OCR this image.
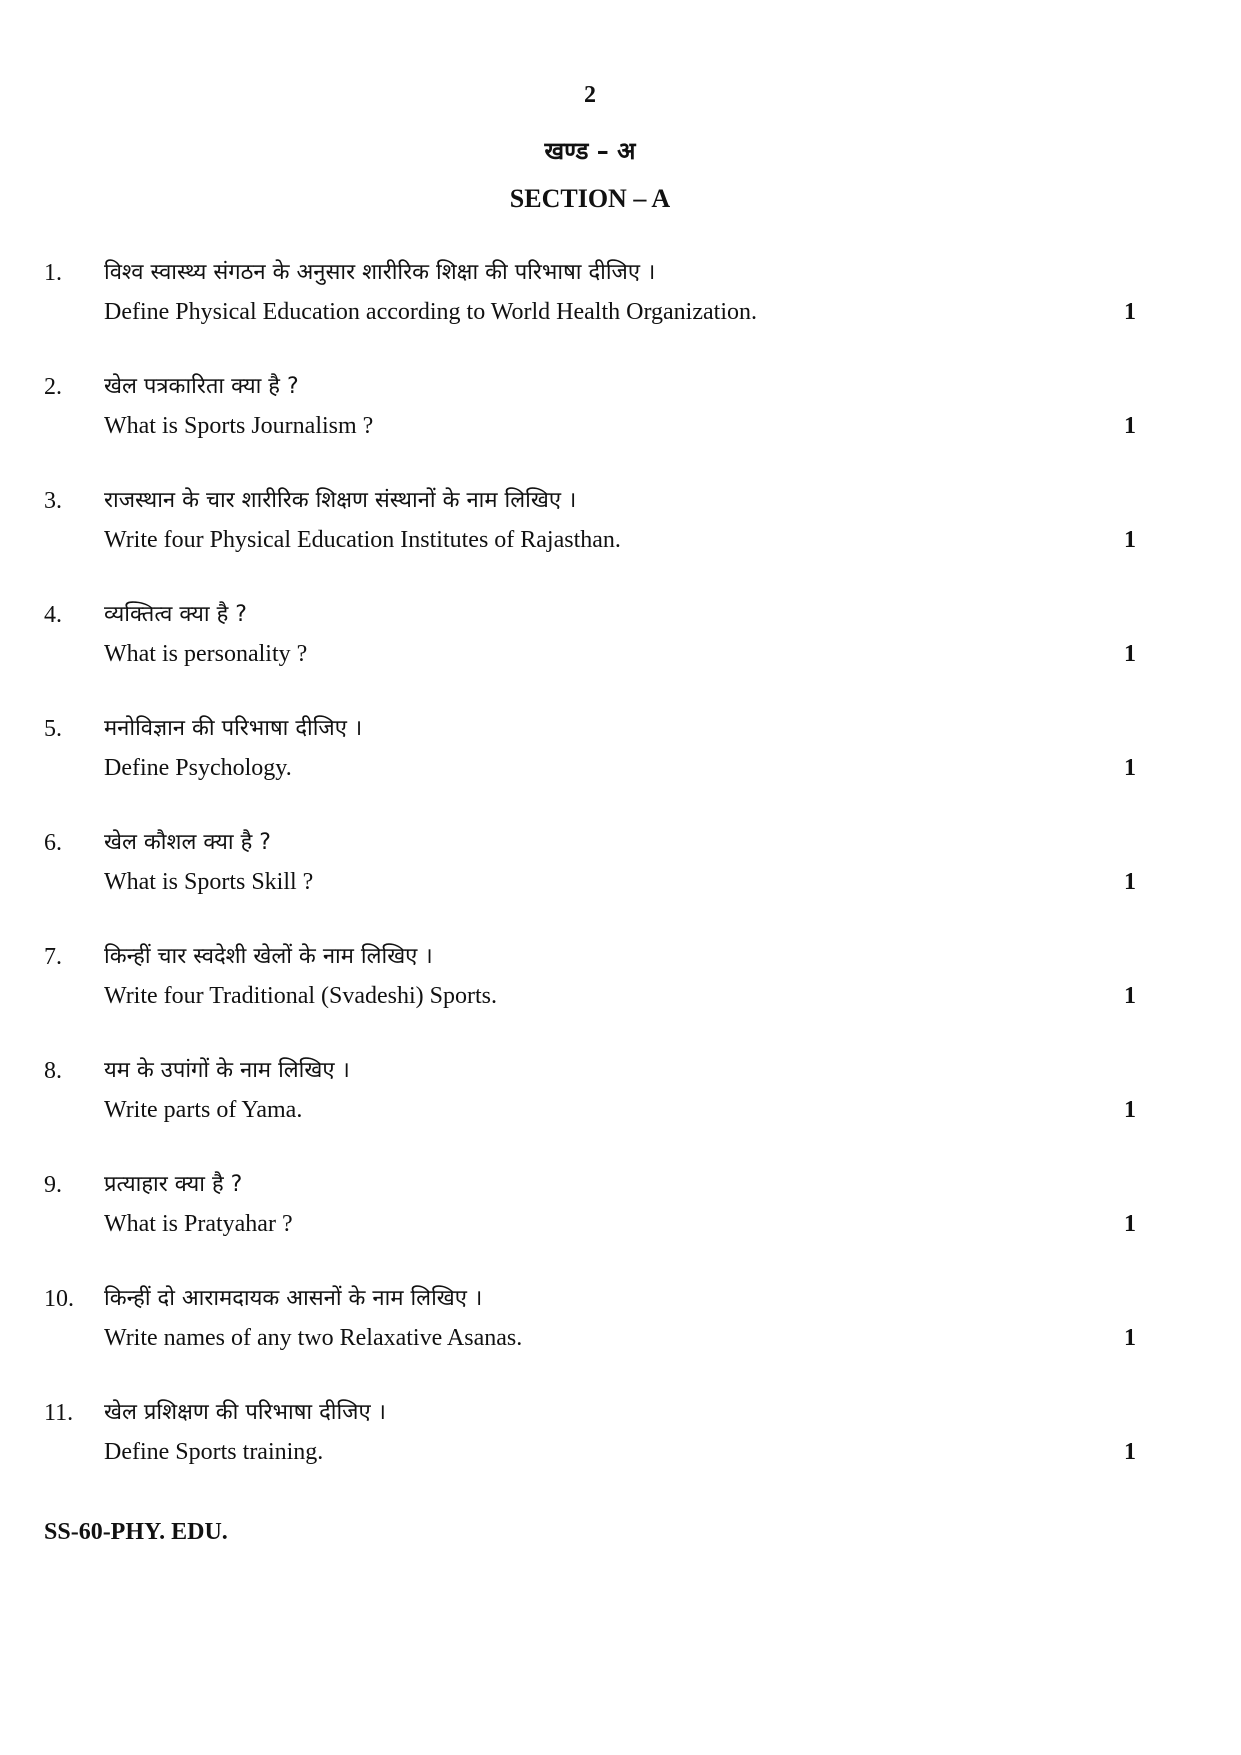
2
खण्ड – अ
SECTION – A
1. विश्व स्वास्थ्य संगठन के अनुसार शारीरिक शिक्षा की परिभाषा दीजिए ।
Define Physical Education according to World Health Organization.	1
2. खेल पत्रकारिता क्या है ?
What is Sports Journalism ?	1
3. राजस्थान के चार शारीरिक शिक्षण संस्थानों के नाम लिखिए ।
Write four Physical Education Institutes of Rajasthan.	1
4. व्यक्तित्व क्या है ?
What is personality ?	1
5. मनोविज्ञान की परिभाषा दीजिए ।
Define Psychology.	1
6. खेल कौशल क्या है ?
What is Sports Skill ?	1
7. किन्हीं चार स्वदेशी खेलों के नाम लिखिए ।
Write four Traditional (Svadeshi) Sports.	1
8. यम के उपांगों के नाम लिखिए ।
Write parts of Yama.	1
9. प्रत्याहार क्या है ?
What is Pratyahar ?	1
10. किन्हीं दो आरामदायक आसनों के नाम लिखिए ।
Write names of any two Relaxative Asanas.	1
11. खेल प्रशिक्षण की परिभाषा दीजिए ।
Define Sports training.	1
SS-60-PHY. EDU.
